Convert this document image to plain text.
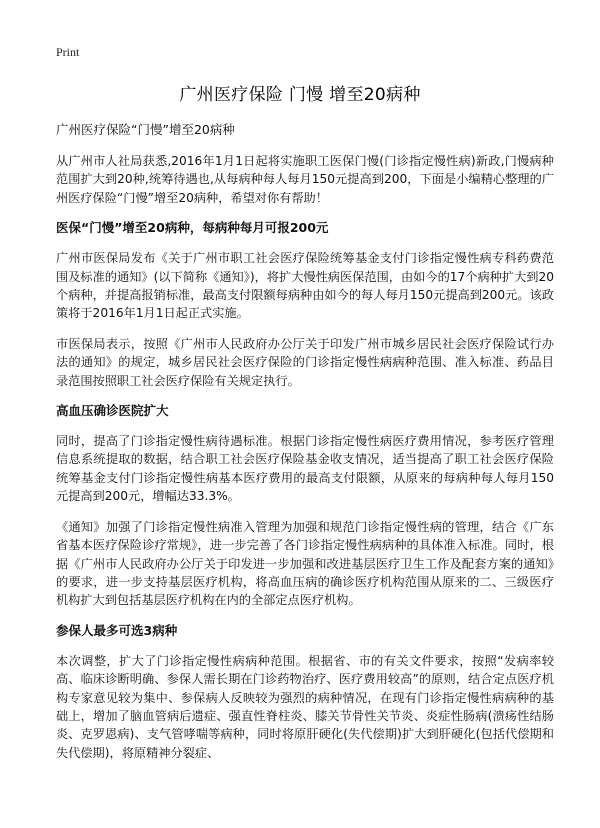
Print
广州医疗保险 门慢 增至20病种
广州医疗保险“门慢”增至20病种

从广州市人社局获悉,2016年1月1日起将实施职工医保门慢(门诊指定慢性病)新政,门慢病种范围扩大到20种,统筹待遇也,从每病种每人每月150元提高到200，下面是小编精心整理的广州医疗保险“门慢”增至20病种，希望对你有帮助！

医保“门慢”增至20病种，每病种每月可报200元

广州市医保局发布《关于广州市职工社会医疗保险统筹基金支付门诊指定慢性病专科药费范围及标准的通知》(以下简称《通知》)，将扩大慢性病医保范围，由如今的17个病种扩大到20个病种，并提高报销标准，最高支付限额每病种由如今的每人每月150元提高到200元。该政策将于2016年1月1日起正式实施。

市医保局表示，按照《广州市人民政府办公厅关于印发广州市城乡居民社会医疗保险试行办法的通知》的规定，城乡居民社会医疗保险的门诊指定慢性病病种范围、准入标准、药品目录范围按照职工社会医疗保险有关规定执行。

高血压确诊医院扩大

同时，提高了门诊指定慢性病待遇标准。根据门诊指定慢性病医疗费用情况，参考医疗管理信息系统提取的数据，结合职工社会医疗保险基金收支情况，适当提高了职工社会医疗保险统筹基金支付门诊指定慢性病基本医疗费用的最高支付限额，从原来的每病种每人每月150元提高到200元，增幅达33.3%。

《通知》加强了门诊指定慢性病准入管理为加强和规范门诊指定慢性病的管理，结合《广东省基本医疗保险诊疗常规》，进一步完善了各门诊指定慢性病病种的具体准入标准。同时，根据《广州市人民政府办公厅关于印发进一步加强和改进基层医疗卫生工作及配套方案的通知》的要求，进一步支持基层医疗机构，将高血压病的确诊医疗机构范围从原来的二、三级医疗机构扩大到包括基层医疗机构在内的全部定点医疗机构。

参保人最多可选3病种

本次调整，扩大了门诊指定慢性病病种范围。根据省、市的有关文件要求，按照“发病率较高、临床诊断明确、参保人需长期在门诊药物治疗、医疗费用较高”的原则，结合定点医疗机构专家意见较为集中、参保病人反映较为强烈的病种情况，在现有门诊指定慢性病病种的基础上，增加了脑血管病后遗症、强直性脊柱炎、膝关节骨性关节炎、炎症性肠病(溃疡性结肠炎、克罗恩病)、支气管哮喘等病种，同时将原肝硬化(失代偿期)扩大到肝硬化(包括代偿期和失代偿期)，将原精神分裂症、
